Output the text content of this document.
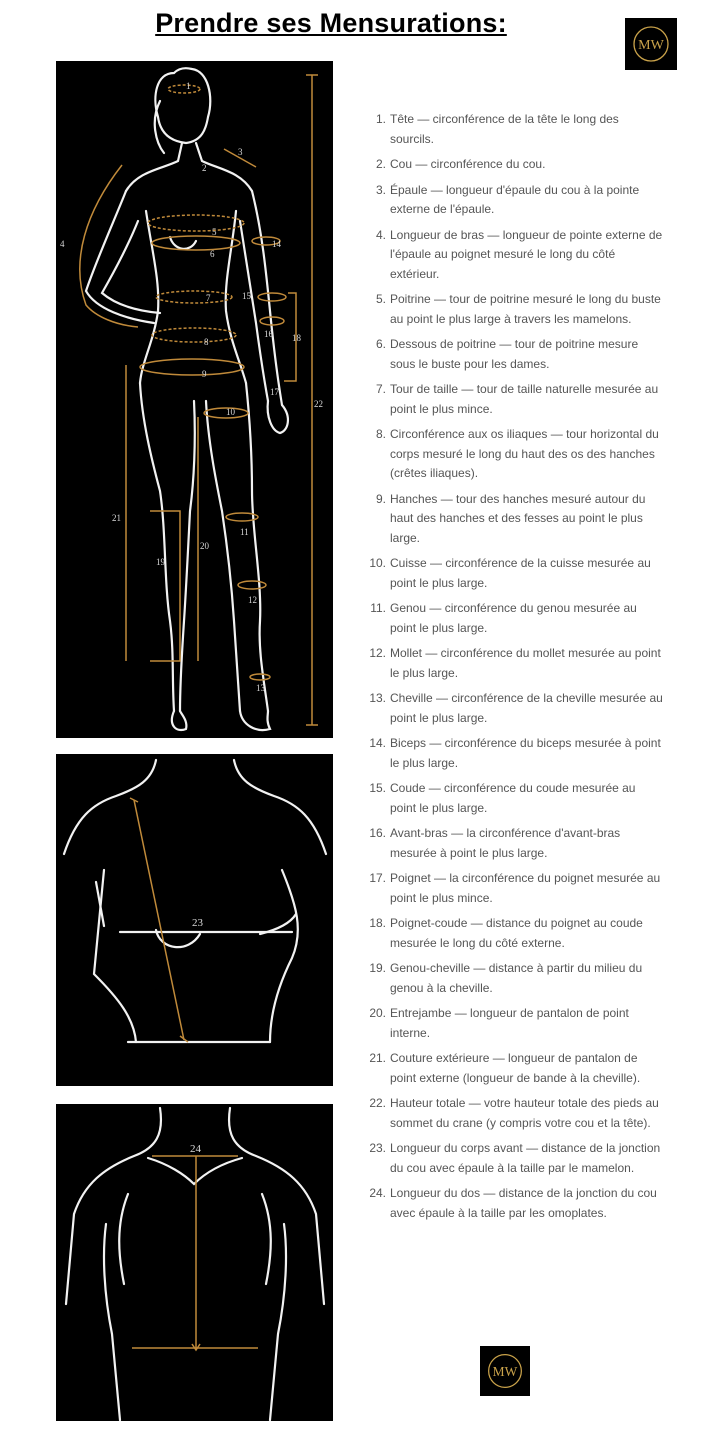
Prendre ses Mensurations:
MW
1
2
3
4
5
6
7
8
9
10
11
12
13
14
15
16
17
18
19
20
21
22
23
24
1. Tête — circonférence de la tête le long des sourcils.
2. Cou — circonférence du cou.
3. Épaule — longueur d'épaule du cou à la pointe externe de l'épaule.
4. Longueur de bras — longueur de pointe externe de l'épaule au poignet mesuré le long du côté extérieur.
5. Poitrine — tour de poitrine mesuré le long du buste au point le plus large à travers les mamelons.
6. Dessous de poitrine — tour de poitrine mesure sous le buste pour les dames.
7. Tour de taille — tour de taille naturelle mesurée au point le plus mince.
8. Circonférence aux os iliaques — tour horizontal du corps mesuré le long du haut des os des hanches (crêtes iliaques).
9. Hanches — tour des hanches mesuré autour du haut des hanches et des fesses au point le plus large.
10. Cuisse — circonférence de la cuisse mesurée au point le plus large.
11. Genou — circonférence du genou mesurée au point le plus large.
12. Mollet — circonférence du mollet mesurée au point le plus large.
13. Cheville — circonférence de la cheville mesurée au point le plus large.
14. Biceps — circonférence du biceps mesurée à point le plus large.
15. Coude — circonférence du coude mesurée au point le plus large.
16. Avant-bras — la circonférence d'avant-bras mesurée à point le plus large.
17. Poignet — la circonférence du poignet mesurée au point le plus mince.
18. Poignet-coude — distance du poignet au coude mesurée le long du côté externe.
19. Genou-cheville — distance à partir du milieu du genou à la cheville.
20. Entrejambe — longueur de pantalon de point interne.
21. Couture extérieure — longueur de pantalon de point externe (longueur de bande à la cheville).
22. Hauteur totale — votre hauteur totale des pieds au sommet du crane (y compris votre cou et la tête).
23. Longueur du corps avant — distance de la jonction du cou avec épaule à la taille par le mamelon.
24. Longueur du dos — distance de la jonction du cou avec épaule à la taille par les omoplates.
MW
